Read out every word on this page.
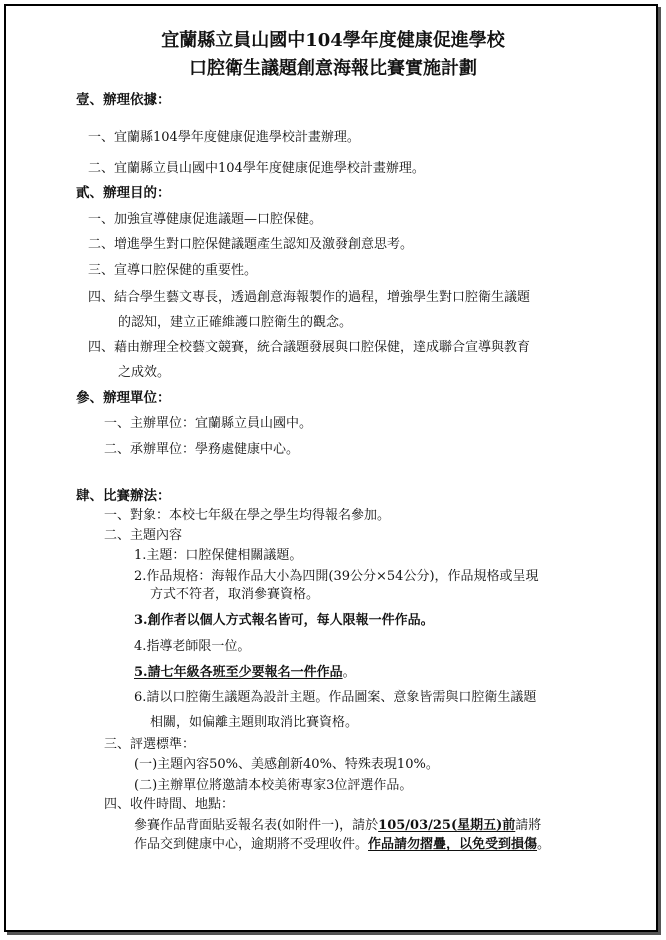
宜蘭縣立員山國中104學年度健康促進學校
口腔衛生議題創意海報比賽實施計劃
壹、辦理依據：
一、宜蘭縣104學年度健康促進學校計畫辦理。
二、宜蘭縣立員山國中104學年度健康促進學校計畫辦理。
貳、辦理目的：
一、加強宣導健康促進議題—口腔保健。
二、增進學生對口腔保健議題產生認知及激發創意思考。
三、宣導口腔保健的重要性。
四、結合學生藝文專長，透過創意海報製作的過程，增強學生對口腔衛生議題
的認知，建立正確維護口腔衛生的觀念。
四、藉由辦理全校藝文競賽，統合議題發展與口腔保健，達成聯合宣導與教育
之成效。
參、辦理單位：
一、主辦單位：宜蘭縣立員山國中。
二、承辦單位：學務處健康中心。
肆、比賽辦法：
一、對象：本校七年級在學之學生均得報名參加。
二、主題內容
1.主題：口腔保健相關議題。
2.作品規格：海報作品大小為四開(39公分×54公分)，作品規格或呈現
方式不符者，取消參賽資格。
3.創作者以個人方式報名皆可，每人限報一件作品。
4.指導老師限一位。
5.請七年級各班至少要報名一件作品。
6.請以口腔衛生議題為設計主題。作品圖案、意象皆需與口腔衛生議題
相關，如偏離主題則取消比賽資格。
三、評選標準：
(一)主題內容50%、美感創新40%、特殊表現10%。
(二)主辦單位將邀請本校美術專家3位評選作品。
四、收件時間、地點：
參賽作品背面貼妥報名表(如附件一)，請於105/03/25(星期五)前請將
作品交到健康中心，逾期將不受理收件。作品請勿摺疊，以免受到損傷。
